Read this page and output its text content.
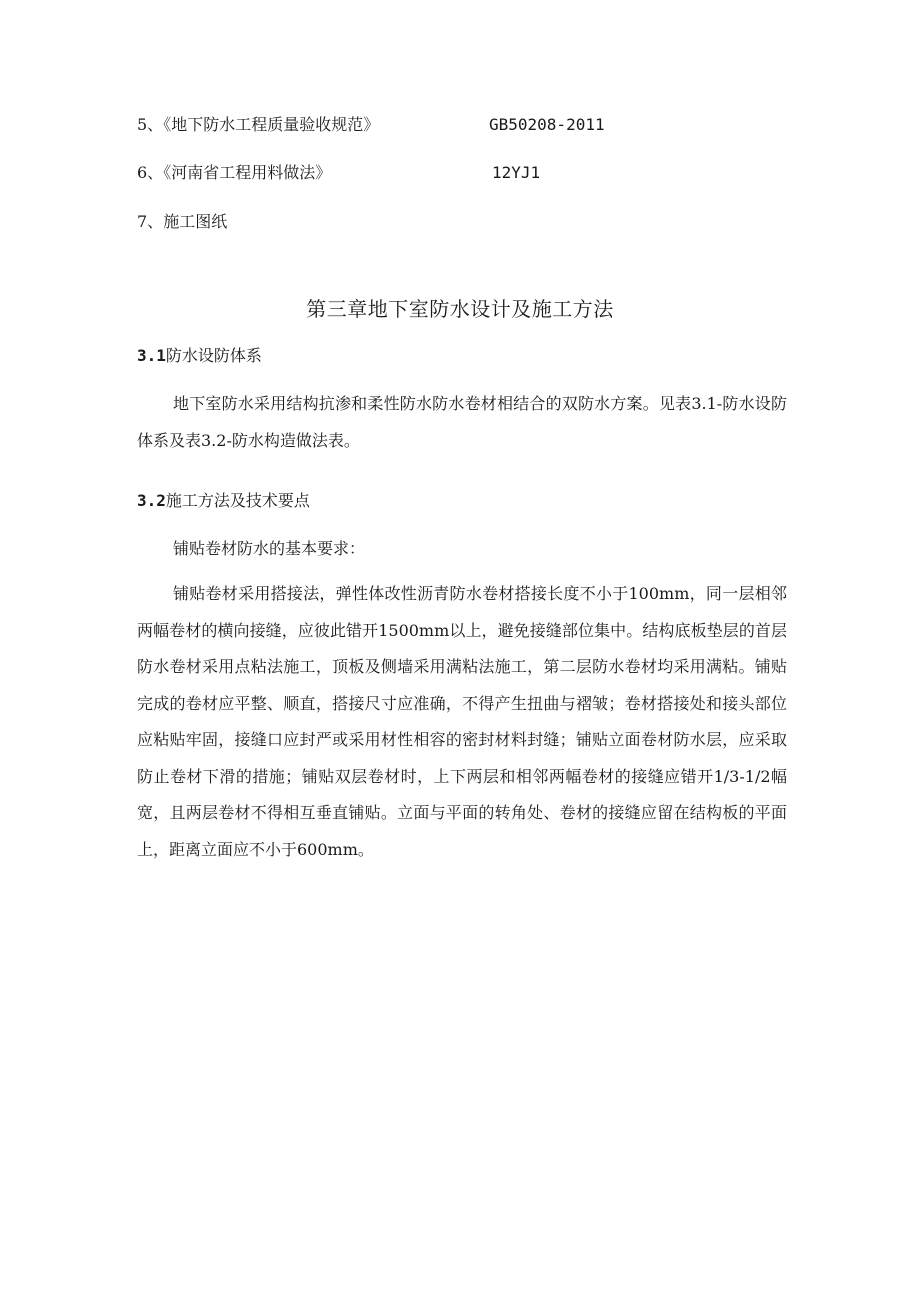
5、《地下防水工程质量验收规范》	GB50208-2011
6、《河南省工程用料做法》	12YJ1
7、施工图纸
第三章地下室防水设计及施工方法
3.1防水设防体系

地下室防水采用结构抗渗和柔性防水防水卷材相结合的双防水方案。见表3.1-防水设防体系及表3.2-防水构造做法表。

3.2施工方法及技术要点
铺贴卷材防水的基本要求：

铺贴卷材采用搭接法，弹性体改性沥青防水卷材搭接长度不小于100mm，同一层相邻两幅卷材的横向接缝，应彼此错开1500mm以上，避免接缝部位集中。结构底板垫层的首层防水卷材采用点粘法施工，顶板及侧墙采用满粘法施工，第二层防水卷材均采用满粘。铺贴完成的卷材应平整、顺直，搭接尺寸应准确，不得产生扭曲与褶皱；卷材搭接处和接头部位应粘贴牢固，接缝口应封严或采用材性相容的密封材料封缝；铺贴立面卷材防水层，应采取防止卷材下滑的措施；铺贴双层卷材时，上下两层和相邻两幅卷材的接缝应错开1/3-1/2幅宽，且两层卷材不得相互垂直铺贴。立面与平面的转角处、卷材的接缝应留在结构板的平面上，距离立面应不小于600mm。
